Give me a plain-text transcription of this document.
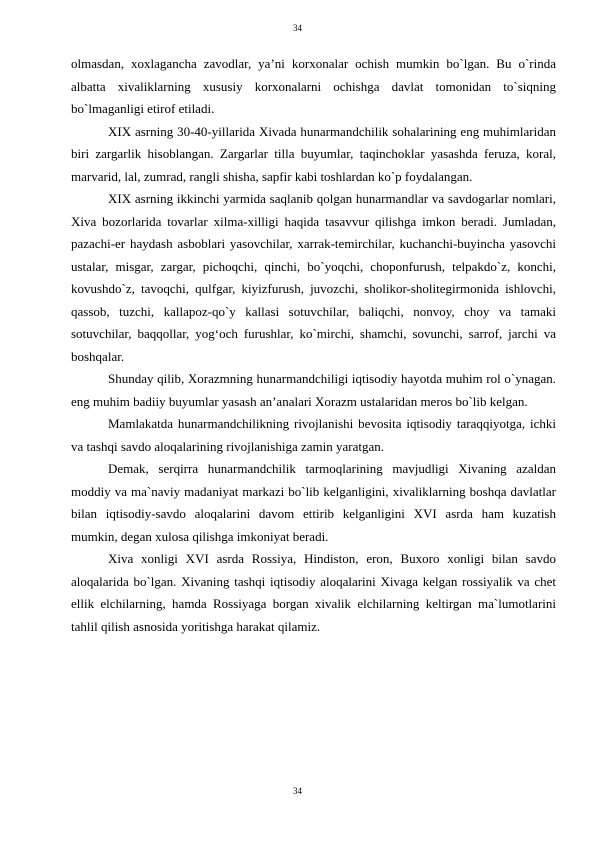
34

olmasdan, xoxlagancha zavodlar, ya’ni korxonalar ochish mumkin bo`lgan. Bu o`rinda albatta xivaliklarning xususiy korxonalarni ochishga davlat tomonidan to`siqning bo`lmaganligi etirof etiladi.

XIX asrning 30-40-yillarida Xivada hunarmandchilik sohalarining eng muhimlaridan biri zargarlik hisoblangan. Zargarlar tilla buyumlar, taqinchoklar yasashda feruza, koral, marvarid, lal, zumrad, rangli shisha, sapfir kabi toshlardan ko`p foydalangan.

XIX asrning ikkinchi yarmida saqlanib qolgan hunarmandlar va savdogarlar nomlari, Xiva bozorlarida tovarlar xilma-xilligi haqida tasavvur qilishga imkon beradi. Jumladan, pazachi-er haydash asboblari yasovchilar, xarrak-temirchilar, kuchanchi-buyincha yasovchi ustalar, misgar, zargar, pichoqchi, qinchi, bo`yoqchi, choponfurush, telpakdo`z, konchi, kovushdo`z, tavoqchi, qulfgar, kiyizfurush, juvozchi, sholikor-sholitegirmonida ishlovchi, qassob, tuzchi, kallapoz-qo`y kallasi sotuvchilar, baliqchi, nonvoy, choy va tamaki sotuvchilar, baqqollar, yog‘och furushlar, ko`mirchi, shamchi, sovunchi, sarrof, jarchi va boshqalar.

Shunday qilib, Xorazmning hunarmandchiligi iqtisodiy hayotda muhim rol o`ynagan. eng muhim badiiy buyumlar yasash an’analari Xorazm ustalaridan meros bo`lib kelgan.

Mamlakatda hunarmandchilikning rivojlanishi bevosita iqtisodiy taraqqiyotga, ichki va tashqi savdo aloqalarining rivojlanishiga zamin yaratgan.

Demak, serqirra hunarmandchilik tarmoqlarining mavjudligi Xivaning azaldan moddiy va ma`naviy madaniyat markazi bo`lib kelganligini, xivaliklarning boshqa davlatlar bilan iqtisodiy-savdo aloqalarini davom ettirib kelganligini XVI asrda ham kuzatish mumkin, degan xulosa qilishga imkoniyat beradi.

Xiva xonligi XVI asrda Rossiya, Hindiston, eron, Buxoro xonligi bilan savdo aloqalarida bo`lgan. Xivaning tashqi iqtisodiy aloqalarini Xivaga kelgan rossiyalik va chet ellik elchilarning, hamda Rossiyaga borgan xivalik elchilarning keltirgan ma`lumotlarini tahlil qilish asnosida yoritishga harakat qilamiz.

34
